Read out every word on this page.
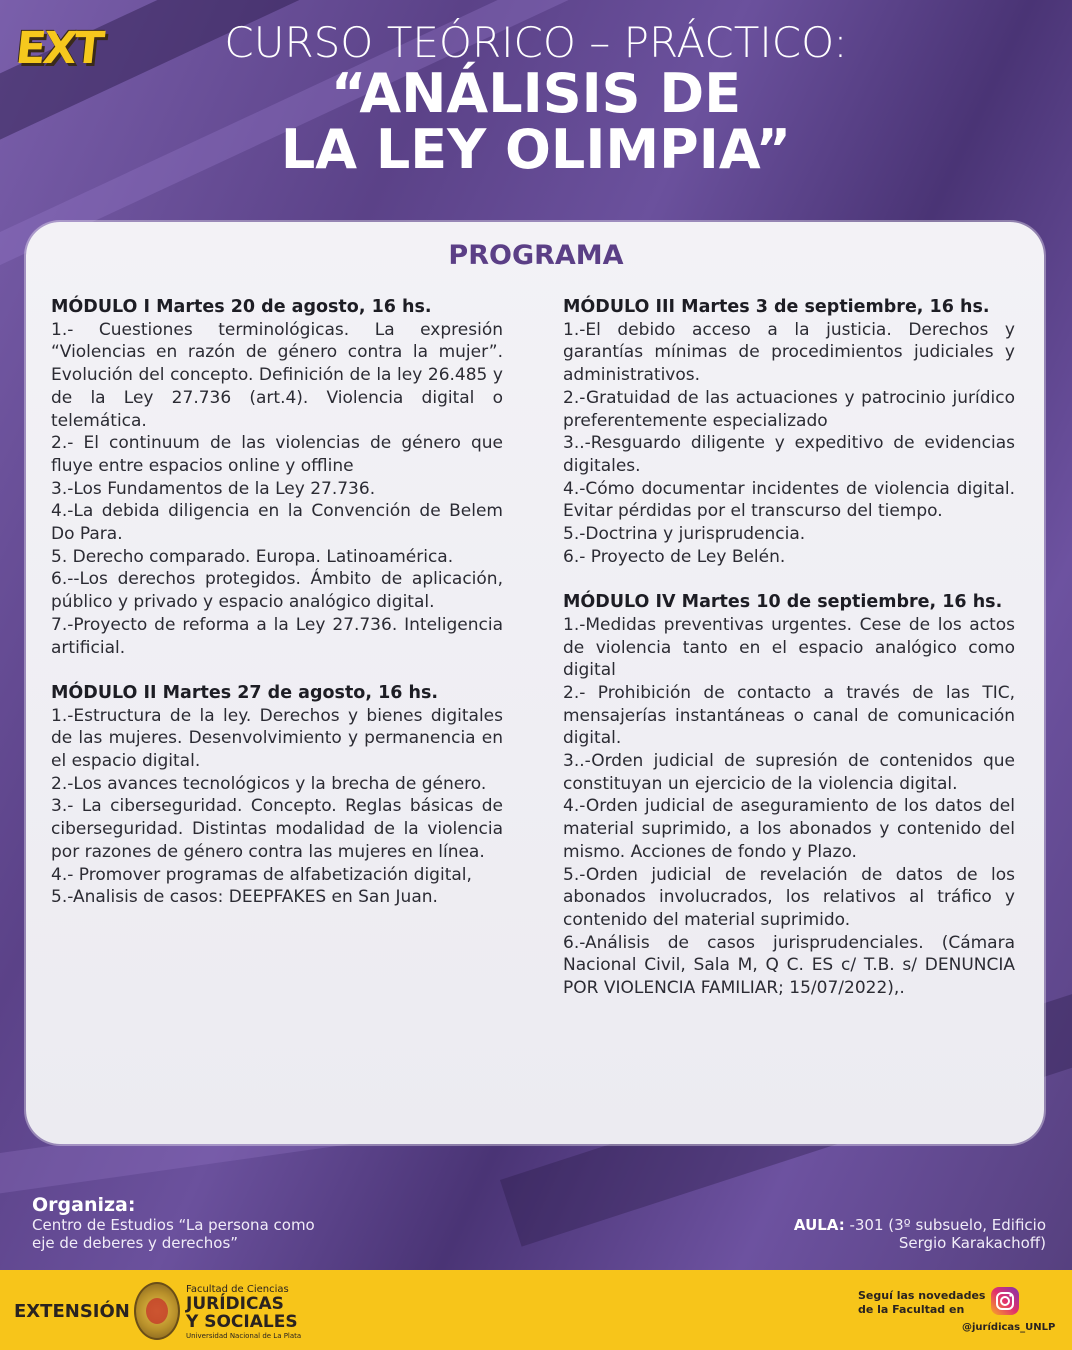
EXT	CURSO TEÓRICO – PRÁCTICO:
“ANÁLISIS DE
LA LEY OLIMPIA”
PROGRAMA
MÓDULO I Martes 20 de agosto, 16 hs.
1.- Cuestiones terminológicas. La expresión “Violencias en razón de género contra la mujer”. Evolución del concepto. Definición de la ley 26.485 y de la Ley 27.736 (art.4). Violencia digital o telemática.
2.- El continuum de las violencias de género que fluye entre espacios online y offline
3.-Los Fundamentos de la Ley 27.736.
4.-La debida diligencia en la Convención de Belem Do Para.
5. Derecho comparado. Europa. Latinoamérica.
6.--Los derechos protegidos. Ámbito de aplicación, público y privado y espacio analógico digital.
7.-Proyecto de reforma a la Ley 27.736. Inteligencia artificial.
MÓDULO II Martes 27 de agosto, 16 hs.
1.-Estructura de la ley. Derechos y bienes digitales de las mujeres. Desenvolvimiento y permanencia en el espacio digital.
2.-Los avances tecnológicos y la brecha de género.
3.- La ciberseguridad. Concepto. Reglas básicas de ciberseguridad. Distintas modalidad de la violencia por razones de género contra las mujeres en línea.
4.- Promover programas de alfabetización digital,
5.-Analisis de casos: DEEPFAKES en San Juan.
MÓDULO III Martes 3 de septiembre, 16 hs.
1.-El debido acceso a la justicia. Derechos y garantías mínimas de procedimientos judiciales y administrativos.
2.-Gratuidad de las actuaciones y patrocinio jurídico preferentemente especializado
3..-Resguardo diligente y expeditivo de evidencias digitales.
4.-Cómo documentar incidentes de violencia digital. Evitar pérdidas por el transcurso del tiempo.
5.-Doctrina y jurisprudencia.
6.- Proyecto de Ley Belén.
MÓDULO IV Martes 10 de septiembre, 16 hs.
1.-Medidas preventivas urgentes. Cese de los actos de violencia tanto en el espacio analógico como digital
2.- Prohibición de contacto a través de las TIC, mensajerías instantáneas o canal de comunicación digital.
3..-Orden judicial de supresión de contenidos que constituyan un ejercicio de la violencia digital.
4.-Orden judicial de aseguramiento de los datos del material suprimido, a los abonados y contenido del mismo. Acciones de fondo y Plazo.
5.-Orden judicial de revelación de datos de los abonados involucrados, los relativos al tráfico y contenido del material suprimido.
6.-Análisis de casos jurisprudenciales. (Cámara Nacional Civil, Sala M, Q C. ES c/ T.B. s/ DENUNCIA POR VIOLENCIA FAMILIAR; 15/07/2022),.
Organiza:
Centro de Estudios “La persona como eje de deberes y derechos”
AULA: -301 (3º subsuelo, Edificio Sergio Karakachoff)
EXTENSIÓN
Facultad de Ciencias
JURÍDICAS
Y SOCIALES
Universidad Nacional de La Plata
Seguí las novedades de la Facultad en
@jurídicas_UNLP
